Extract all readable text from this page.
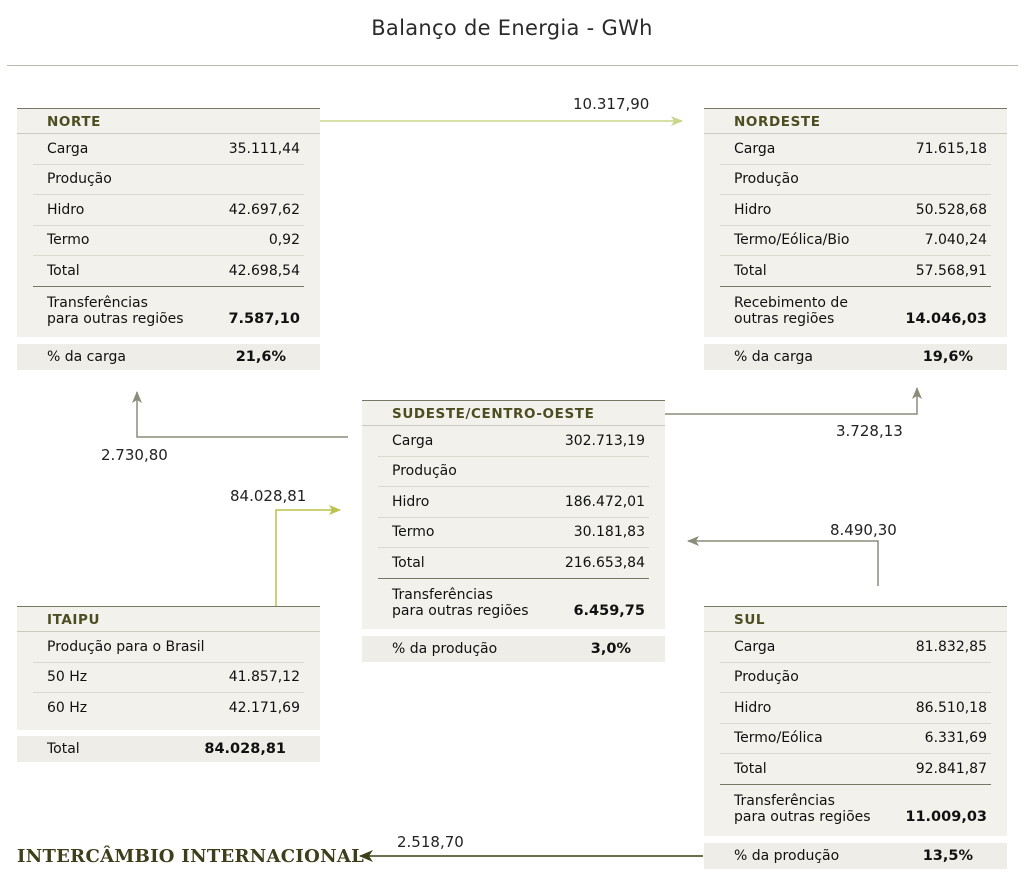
Balanço de Energia - GWh
10.317,90
2.730,80
3.728,13
84.028,81
8.490,30
2.518,70
NORTE
Carga	35.111,44
Produção
Hidro	42.697,62
Termo	0,92
Total	42.698,54
Transferências
para outras regiões	7.587,10
% da carga	21,6%
NORDESTE
Carga	71.615,18
Produção
Hidro	50.528,68
Termo/Eólica/Bio	7.040,24
Total	57.568,91
Recebimento de
outras regiões	14.046,03
% da carga	19,6%
SUDESTE/CENTRO-OESTE
Carga	302.713,19
Produção
Hidro	186.472,01
Termo	30.181,83
Total	216.653,84
Transferências
para outras regiões	6.459,75
% da produção	3,0%
ITAIPU
Produção para o Brasil
50 Hz	41.857,12
60 Hz	42.171,69
Total	84.028,81
SUL
Carga	81.832,85
Produção
Hidro	86.510,18
Termo/Eólica	6.331,69
Total	92.841,87
Transferências
para outras regiões 11.009,03
% da produção	13,5%
INTERCÂMBIO INTERNACIONAL
